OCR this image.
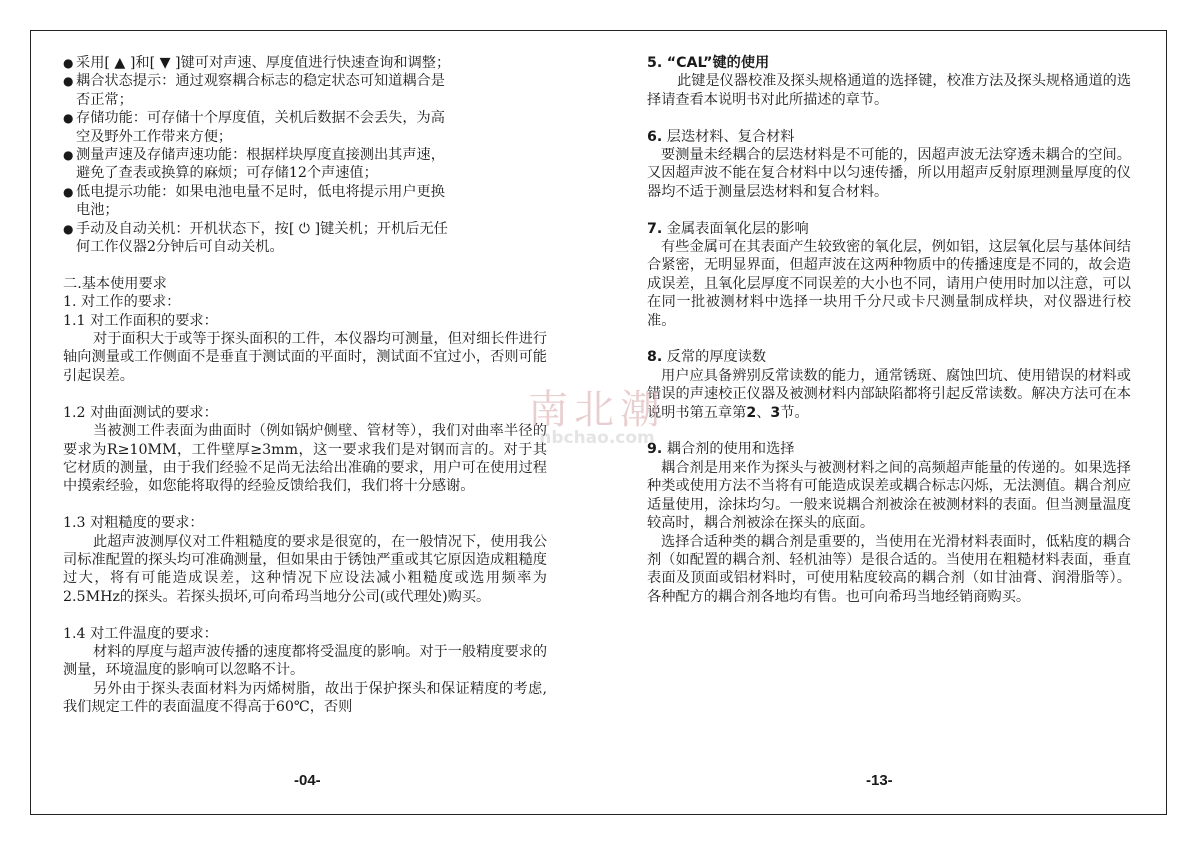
● 采用[ ▲ ]和[ ▼ ]键可对声速、厚度值进行快速查询和调整；

● 耦合状态提示：通过观察耦合标志的稳定状态可知道耦合是
否正常；

● 存储功能：可存储十个厚度值，关机后数据不会丢失，为高
空及野外工作带来方便；

● 测量声速及存储声速功能：根据样块厚度直接测出其声速，
避免了查表或换算的麻烦；可存储12个声速值；

● 低电提示功能：如果电池电量不足时，低电将提示用户更换
电池；

● 手动及自动关机：开机状态下，按[ ⏻ ]键关机；开机后无任
何工作仪器2分钟后可自动关机。

二.基本使用要求

1. 对工作的要求：

1.1 对工作面积的要求：

对于面积大于或等于探头面积的工件，本仪器均可测量，但对细长件进行轴向测量或工作侧面不是垂直于测试面的平面时，测试面不宜过小，否则可能引起误差。

1.2 对曲面测试的要求：

当被测工件表面为曲面时（例如锅炉侧壁、管材等），我们对曲率半径的要求为R≥10MM，工件壁厚≥3mm，这一要求我们是对钢而言的。对于其它材质的测量，由于我们经验不足尚无法给出准确的要求，用户可在使用过程中摸索经验，如您能将取得的经验反馈给我们，我们将十分感谢。

1.3 对粗糙度的要求：

此超声波测厚仪对工件粗糙度的要求是很宽的，在一般情况下，使用我公司标准配置的探头均可准确测量，但如果由于锈蚀严重或其它原因造成粗糙度过大，将有可能造成误差，这种情况下应设法减小粗糙度或选用频率为2.5MHz的探头。若探头损坏,可向希玛当地分公司(或代理处)购买。

1.4 对工件温度的要求：

材料的厚度与超声波传播的速度都将受温度的影响。对于一般精度要求的测量，环境温度的影响可以忽略不计。

另外由于探头表面材料为丙烯树脂，故出于保护探头和保证精度的考虑,我们规定工件的表面温度不得高于60℃，否则

-04-

5. “CAL”键的使用

此键是仪器校准及探头规格通道的选择键，校准方法及探头规格通道的选择请查看本说明书对此所描述的章节。

6. 层迭材料、复合材料

要测量未经耦合的层迭材料是不可能的，因超声波无法穿透未耦合的空间。又因超声波不能在复合材料中以匀速传播，所以用超声反射原理测量厚度的仪器均不适于测量层迭材料和复合材料。

7. 金属表面氧化层的影响

有些金属可在其表面产生较致密的氧化层，例如铝，这层氧化层与基体间结合紧密，无明显界面，但超声波在这两种物质中的传播速度是不同的，故会造成误差，且氧化层厚度不同误差的大小也不同，请用户使用时加以注意，可以在同一批被测材料中选择一块用千分尺或卡尺测量制成样块，对仪器进行校准。

8. 反常的厚度读数

用户应具备辨别反常读数的能力，通常锈斑、腐蚀凹坑、使用错误的材料或错误的声速校正仪器及被测材料内部缺陷都将引起反常读数。解决方法可在本说明书第五章第2、3节。

9. 耦合剂的使用和选择

耦合剂是用来作为探头与被测材料之间的高频超声能量的传递的。如果选择种类或使用方法不当将有可能造成误差或耦合标志闪烁，无法测值。耦合剂应适量使用，涂抹均匀。一般来说耦合剂被涂在被测材料的表面。但当测量温度较高时，耦合剂被涂在探头的底面。

选择合适种类的耦合剂是重要的，当使用在光滑材料表面时，低粘度的耦合剂（如配置的耦合剂、轻机油等）是很合适的。当使用在粗糙材料表面，垂直表面及顶面或铝材料时，可使用粘度较高的耦合剂（如甘油膏、润滑脂等）。各种配方的耦合剂各地均有售。也可向希玛当地经销商购买。

-13-
南北潮
nbchao.com
